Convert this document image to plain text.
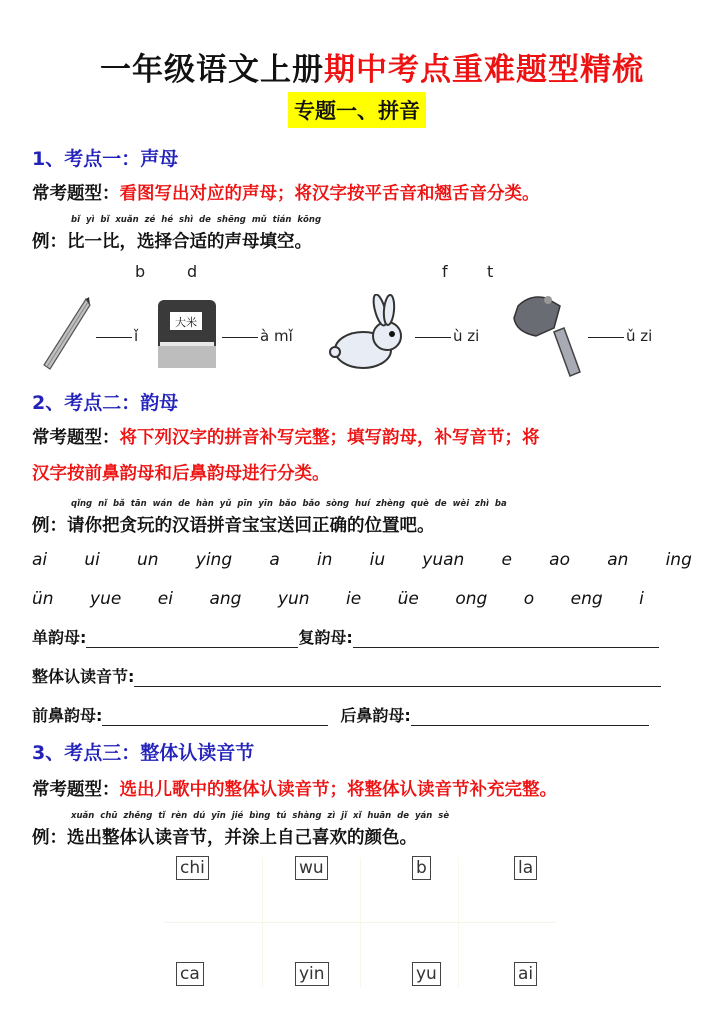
一年级语文上册期中考点重难题型精梳
专题一、拼音
1、考点一：声母
常考题型：看图写出对应的声母；将汉字按平舌音和翘舌音分类。
例：
bǐ yì bǐ xuǎn zé hé shì de shēng mǔ tián kōng
比一比，选择合适的声母填空。
b	d	f t
ǐ
大米
à mǐ	ù zi	ǔ zi
2、考点二：韵母
常考题型：将下列汉字的拼音补写完整；填写韵母，补写音节；将
汉字按前鼻韵母和后鼻韵母进行分类。
例：
qǐng nǐ bǎ tān wán de hàn yǔ pīn yīn bǎo bǎo sòng huí zhèng què de wèi zhì ba
请你把贪玩的汉语拼音宝宝送回正确的位置吧。
ai ui un ying a in iu yuan e ao an ing
ün yue ei ang yun ie üe ong o eng i
单韵母:	复韵母:
整体认读音节:
前鼻韵母:	后鼻韵母:
3、考点三：整体认读音节
常考题型：选出儿歌中的整体认读音节；将整体认读音节补充完整。
例：
xuǎn chū zhěng tǐ rèn dú yīn jié bìng tú shàng zì jǐ xǐ huān de yán sè
选出整体认读音节，并涂上自己喜欢的颜色。
chi	wu	b	la
ca	yin	yu	ai
